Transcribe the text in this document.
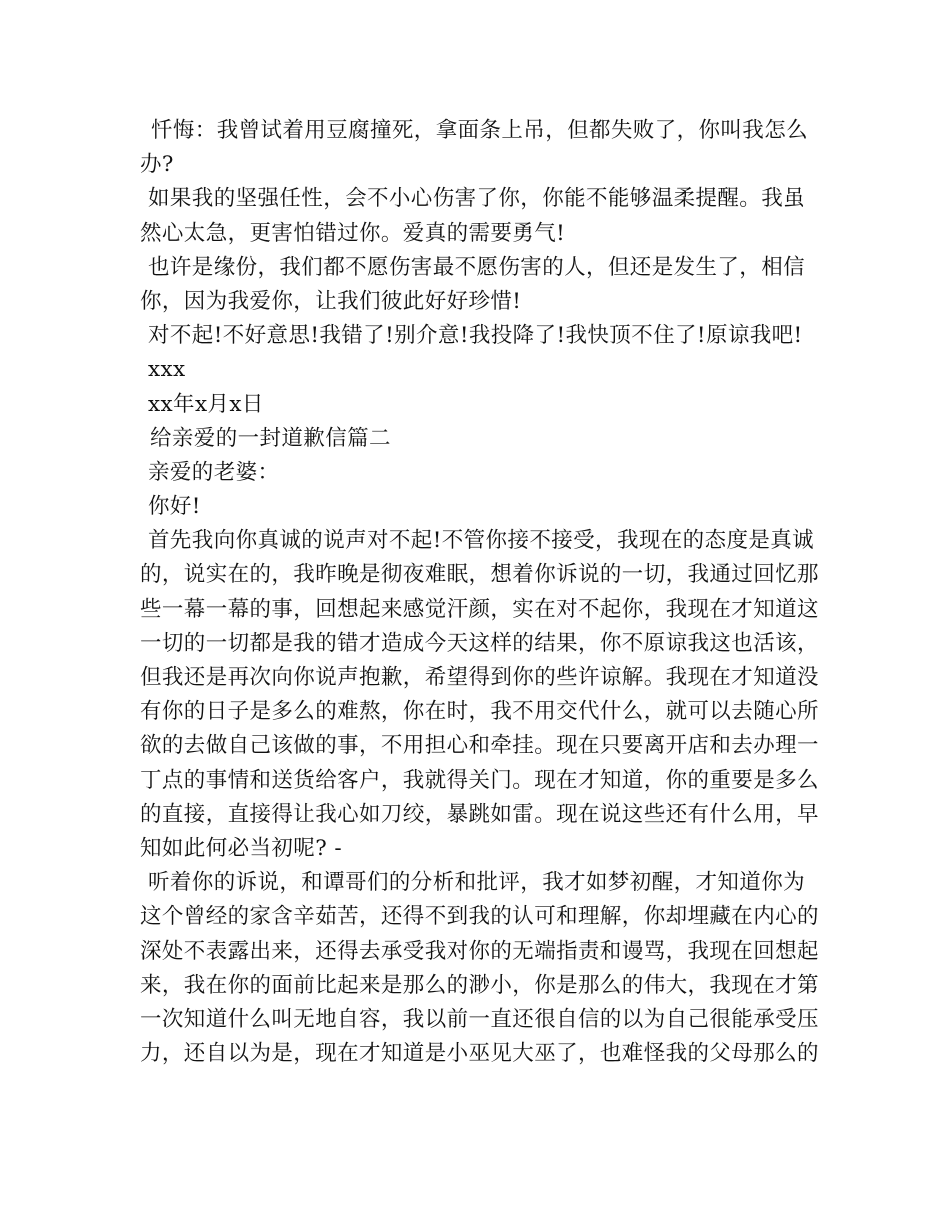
忏悔：我曾试着用豆腐撞死，拿面条上吊，但都失败了，你叫我怎么
办?
如果我的坚强任性，会不小心伤害了你，你能不能够温柔提醒。我虽
然心太急，更害怕错过你。爱真的需要勇气!
也许是缘份，我们都不愿伤害最不愿伤害的人，但还是发生了，相信
你，因为我爱你，让我们彼此好好珍惜!
对不起!不好意思!我错了!别介意!我投降了!我快顶不住了!原谅我吧!
xxx
xx年x月x日
给亲爱的一封道歉信篇二
亲爱的老婆：
你好!
首先我向你真诚的说声对不起!不管你接不接受，我现在的态度是真诚
的，说实在的，我昨晚是彻夜难眠，想着你诉说的一切，我通过回忆那
些一幕一幕的事，回想起来感觉汗颜，实在对不起你，我现在才知道这
一切的一切都是我的错才造成今天这样的结果，你不原谅我这也活该，
但我还是再次向你说声抱歉，希望得到你的些许谅解。我现在才知道没
有你的日子是多么的难熬，你在时，我不用交代什么，就可以去随心所
欲的去做自己该做的事，不用担心和牵挂。现在只要离开店和去办理一
丁点的事情和送货给客户，我就得关门。现在才知道，你的重要是多么
的直接，直接得让我心如刀绞，暴跳如雷。现在说这些还有什么用，早
知如此何必当初呢? -
听着你的诉说，和谭哥们的分析和批评，我才如梦初醒，才知道你为
这个曾经的家含辛茹苦，还得不到我的认可和理解，你却埋藏在内心的
深处不表露出来，还得去承受我对你的无端指责和谩骂，我现在回想起
来，我在你的面前比起来是那么的渺小，你是那么的伟大，我现在才第
一次知道什么叫无地自容，我以前一直还很自信的以为自己很能承受压
力，还自以为是，现在才知道是小巫见大巫了，也难怪我的父母那么的
